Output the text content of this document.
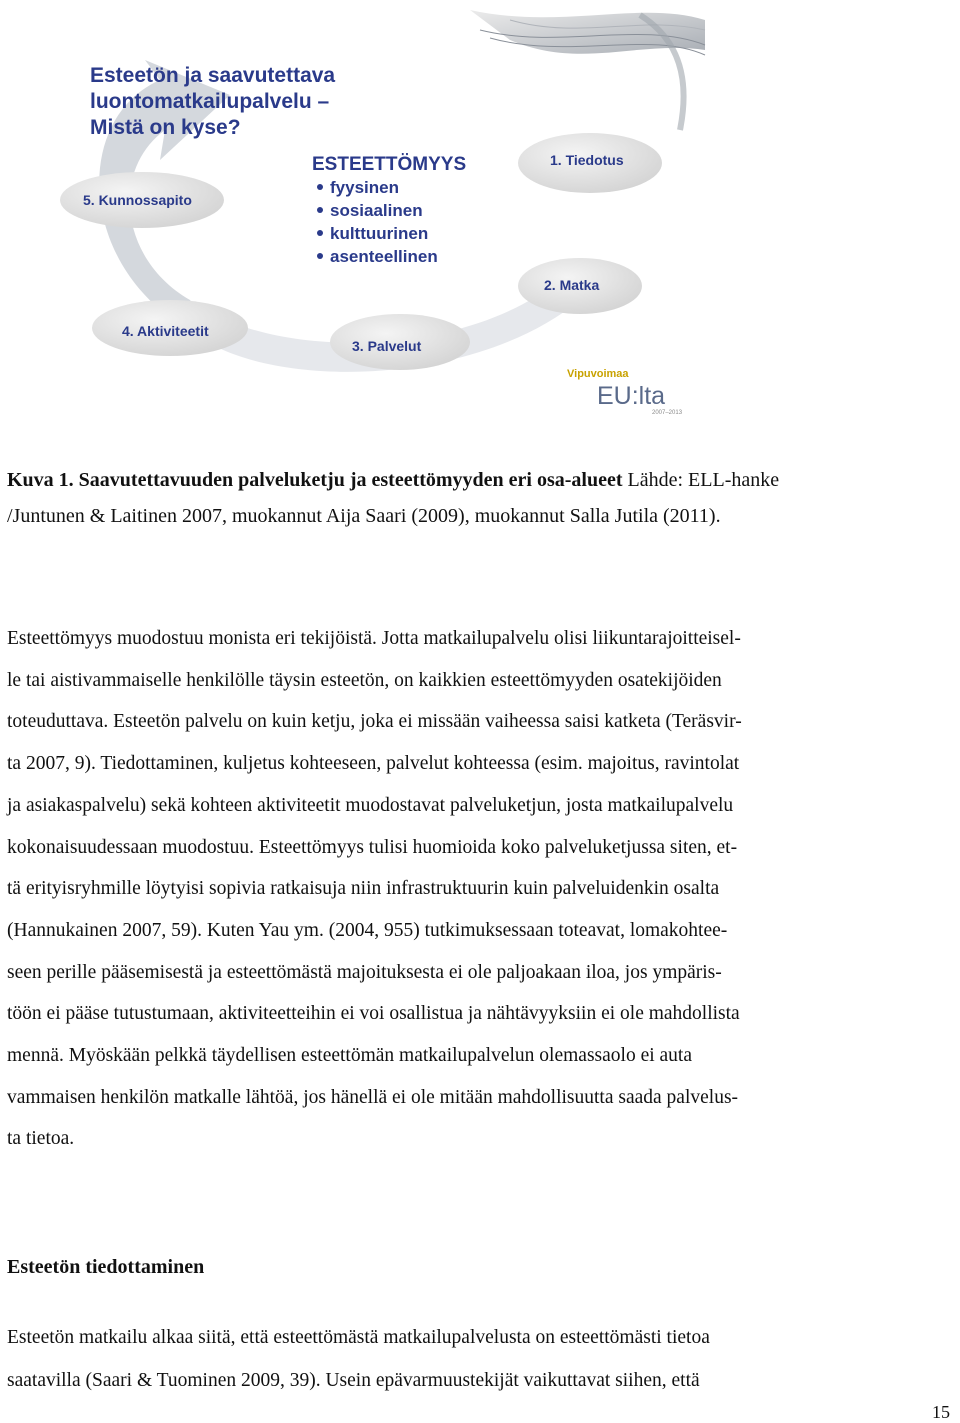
Esteetön ja saavutettava
luontomatkailupalvelu –
Mistä on kyse?
ESTEETTÖMYYS
fyysinen
sosiaalinen
kulttuurinen
asenteellinen
1. Tiedotus
2. Matka
3. Palvelut
4. Aktiviteetit
5. Kunnossapito
Vipuvoimaa
EU:lta
2007–2013
Kuva 1. Saavutettavuuden palveluketju ja esteettömyyden eri osa-alueet Lähde: ELL-hanke
/Juntunen & Laitinen 2007, muokannut Aija Saari (2009), muokannut Salla Jutila (2011).
Esteettömyys muodostuu monista eri tekijöistä. Jotta matkailupalvelu olisi liikuntarajoitteisel-
le tai aistivammaiselle henkilölle täysin esteetön, on kaikkien esteettömyyden osatekijöiden
toteuduttava. Esteetön palvelu on kuin ketju, joka ei missään vaiheessa saisi katketa (Teräsvir-
ta 2007, 9). Tiedottaminen, kuljetus kohteeseen, palvelut kohteessa (esim. majoitus, ravintolat
ja asiakaspalvelu) sekä kohteen aktiviteetit muodostavat palveluketjun, josta matkailupalvelu
kokonaisuudessaan muodostuu. Esteettömyys tulisi huomioida koko palveluketjussa siten, et-
tä erityisryhmille löytyisi sopivia ratkaisuja niin infrastruktuurin kuin palveluidenkin osalta
(Hannukainen 2007, 59). Kuten Yau ym. (2004, 955) tutkimuksessaan toteavat, lomakohtee-
seen perille pääsemisestä ja esteettömästä majoituksesta ei ole paljoakaan iloa, jos ympäris-
töön ei pääse tutustumaan, aktiviteetteihin ei voi osallistua ja nähtävyyksiin ei ole mahdollista
mennä. Myöskään pelkkä täydellisen esteettömän matkailupalvelun olemassaolo ei auta
vammaisen henkilön matkalle lähtöä, jos hänellä ei ole mitään mahdollisuutta saada palvelus-
ta tietoa.
Esteetön tiedottaminen
Esteetön matkailu alkaa siitä, että esteettömästä matkailupalvelusta on esteettömästi tietoa
saatavilla (Saari & Tuominen 2009, 39). Usein epävarmuustekijät vaikuttavat siihen, että
15
